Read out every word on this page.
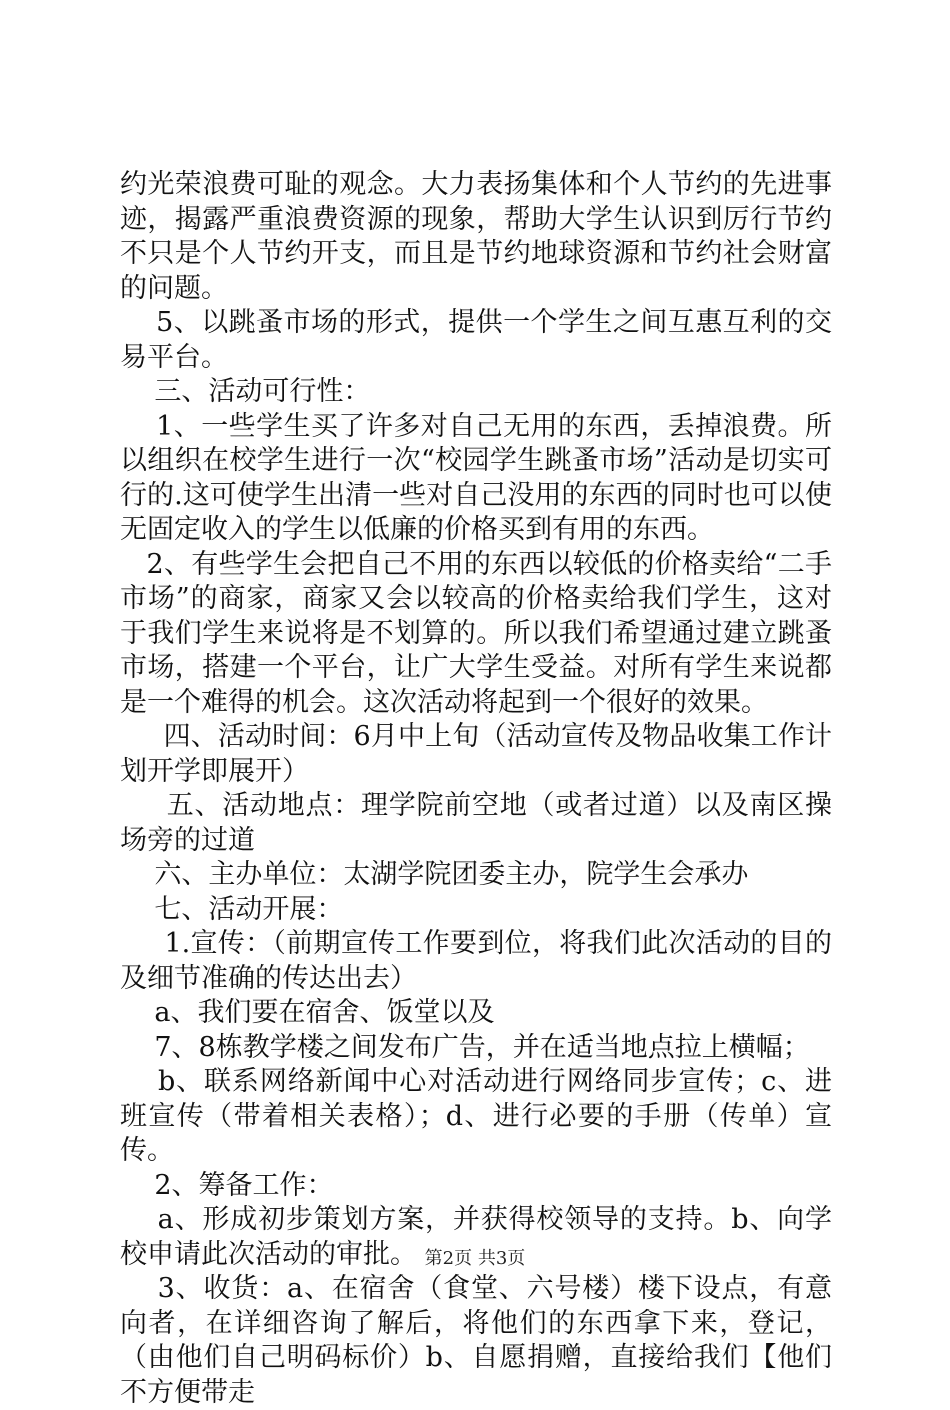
约光荣浪费可耻的观念。大力表扬集体和个人节约的先进事迹，揭露严重浪费资源的现象，帮助大学生认识到厉行节约不只是个人节约开支，而且是节约地球资源和节约社会财富的问题。

5、以跳蚤市场的形式，提供一个学生之间互惠互利的交易平台。

三、活动可行性：

1、一些学生买了许多对自己无用的东西，丢掉浪费。所以组织在校学生进行一次“校园学生跳蚤市场”活动是切实可行的.这可使学生出清一些对自己没用的东西的同时也可以使无固定收入的学生以低廉的价格买到有用的东西。

2、有些学生会把自己不用的东西以较低的价格卖给“二手市场”的商家，商家又会以较高的价格卖给我们学生，这对于我们学生来说将是不划算的。所以我们希望通过建立跳蚤市场，搭建一个平台，让广大学生受益。对所有学生来说都是一个难得的机会。这次活动将起到一个很好的效果。

四、活动时间：6月中上旬（活动宣传及物品收集工作计划开学即展开）

五、活动地点：理学院前空地（或者过道）以及南区操场旁的过道

六、主办单位：太湖学院团委主办，院学生会承办

七、活动开展：

1.宣传：（前期宣传工作要到位，将我们此次活动的目的及细节准确的传达出去）

a、我们要在宿舍、饭堂以及

7、8栋教学楼之间发布广告，并在适当地点拉上横幅；

b、联系网络新闻中心对活动进行网络同步宣传；c、进班宣传（带着相关表格）；d、进行必要的手册（传单）宣传。

2、筹备工作：

a、形成初步策划方案，并获得校领导的支持。b、向学校申请此次活动的审批。

3、收货：a、在宿舍（食堂、六号楼）楼下设点，有意向者，在详细咨询了解后，将他们的东西拿下来，登记，（由他们自己明码标价）b、自愿捐赠，直接给我们【他们不方便带走

第2页 共3页
